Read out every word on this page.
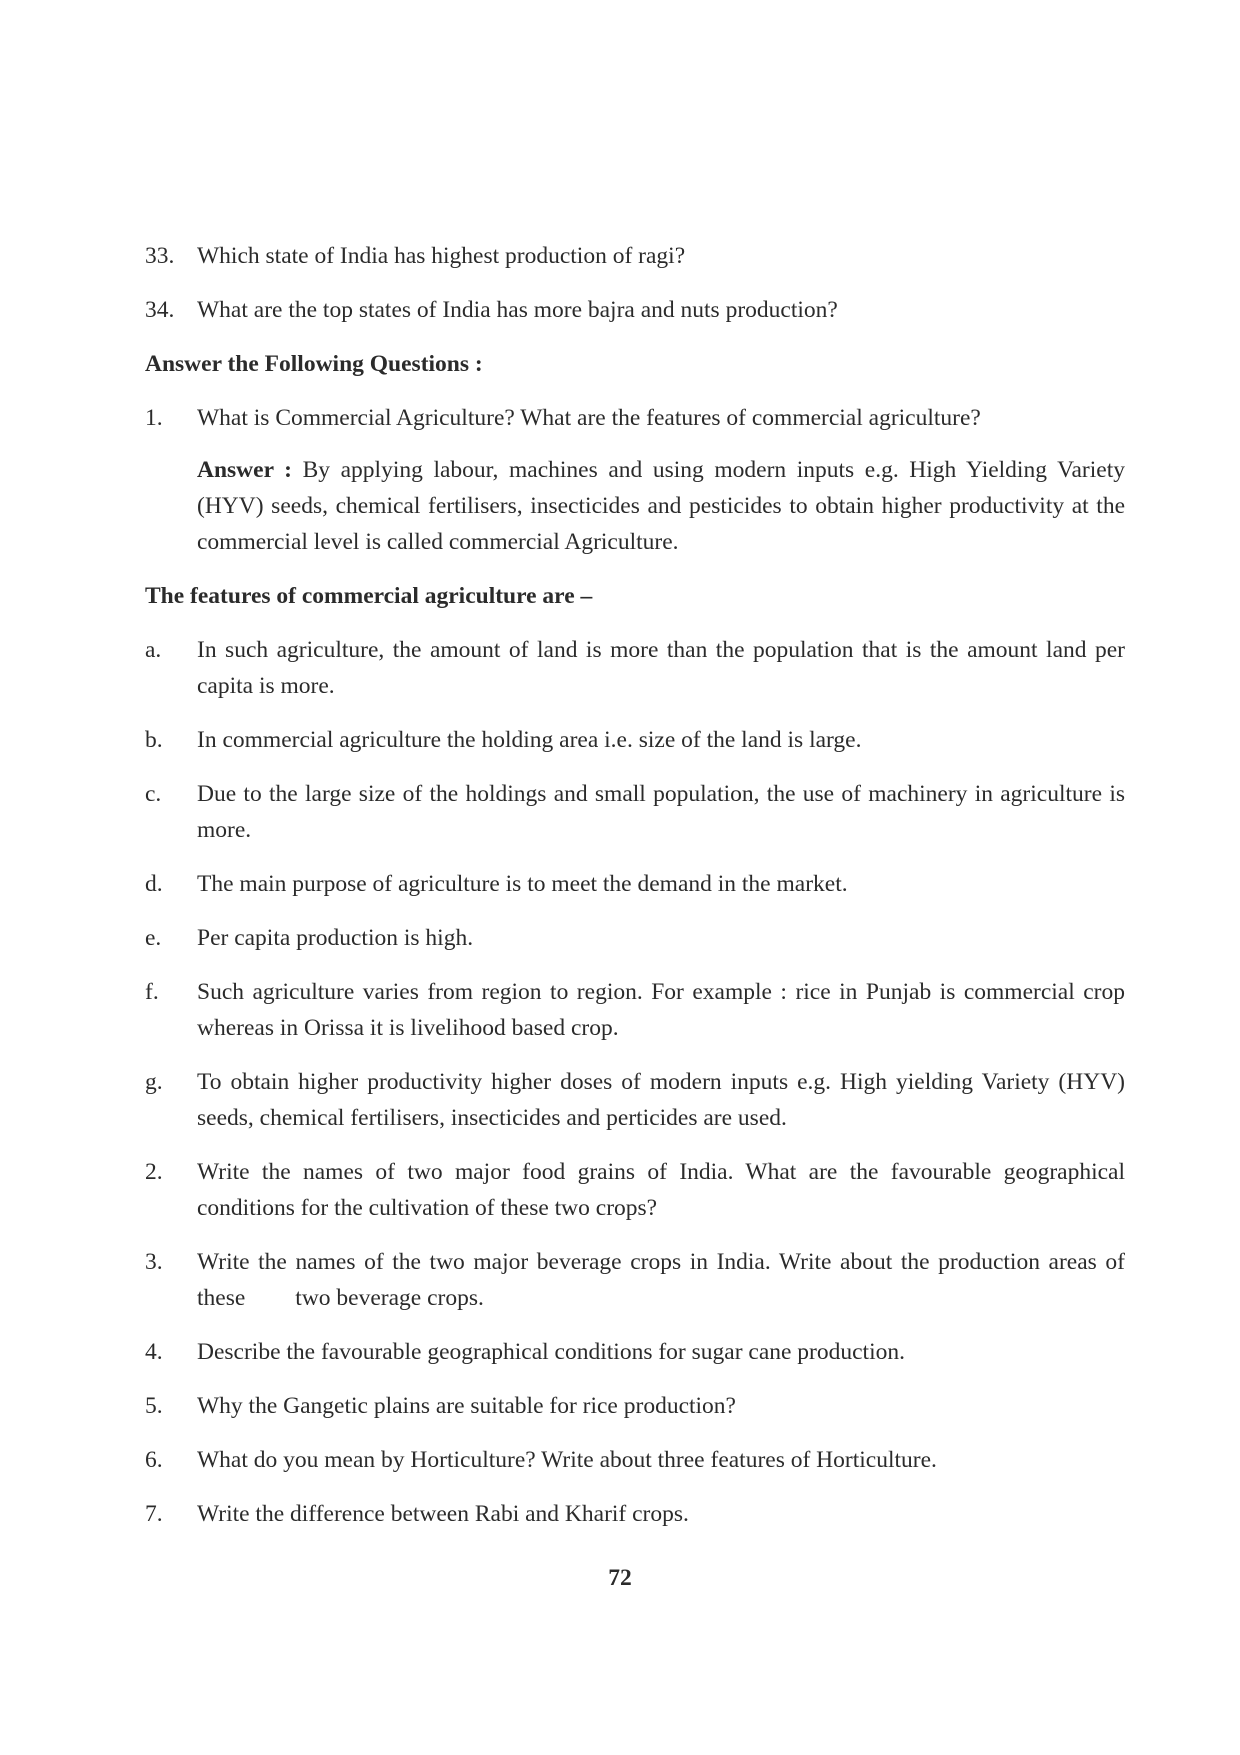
33. Which state of India has highest production of ragi?
34. What are the top states of India has more bajra and nuts production?
Answer the Following Questions :
1.	What is Commercial Agriculture? What are the features of commercial agriculture?
Answer : By applying labour, machines and using modern inputs e.g. High Yielding Variety (HYV) seeds, chemical fertilisers, insecticides and pesticides to obtain higher productivity at the commercial level is called commercial Agriculture.
The features of commercial agriculture are –
a.	In such agriculture, the amount of land is more than the population that is the amount land per capita is more.
b.	In commercial agriculture the holding area i.e. size of the land is large.
c.	Due to the large size of the holdings and small population, the use of machinery in agriculture is more.
d.	The main purpose of agriculture is to meet the demand in the market.
e.	Per capita production is high.
f.	Such agriculture varies from region to region. For example : rice in Punjab is commercial crop whereas in Orissa it is livelihood based crop.
g.	To obtain higher productivity higher doses of modern inputs e.g. High yielding Variety (HYV) seeds, chemical fertilisers, insecticides and perticides are used.
2.	Write the names of two major food grains of India. What are the favourable geographical conditions for the cultivation of these two crops?
3.	Write the names of the two major beverage crops in India. Write about the production areas of these two beverage crops.
4.	Describe the favourable geographical conditions for sugar cane production.
5.	Why the Gangetic plains are suitable for rice production?
6.	What do you mean by Horticulture? Write about three features of Horticulture.
7.	Write the difference between Rabi and Kharif crops.
72
